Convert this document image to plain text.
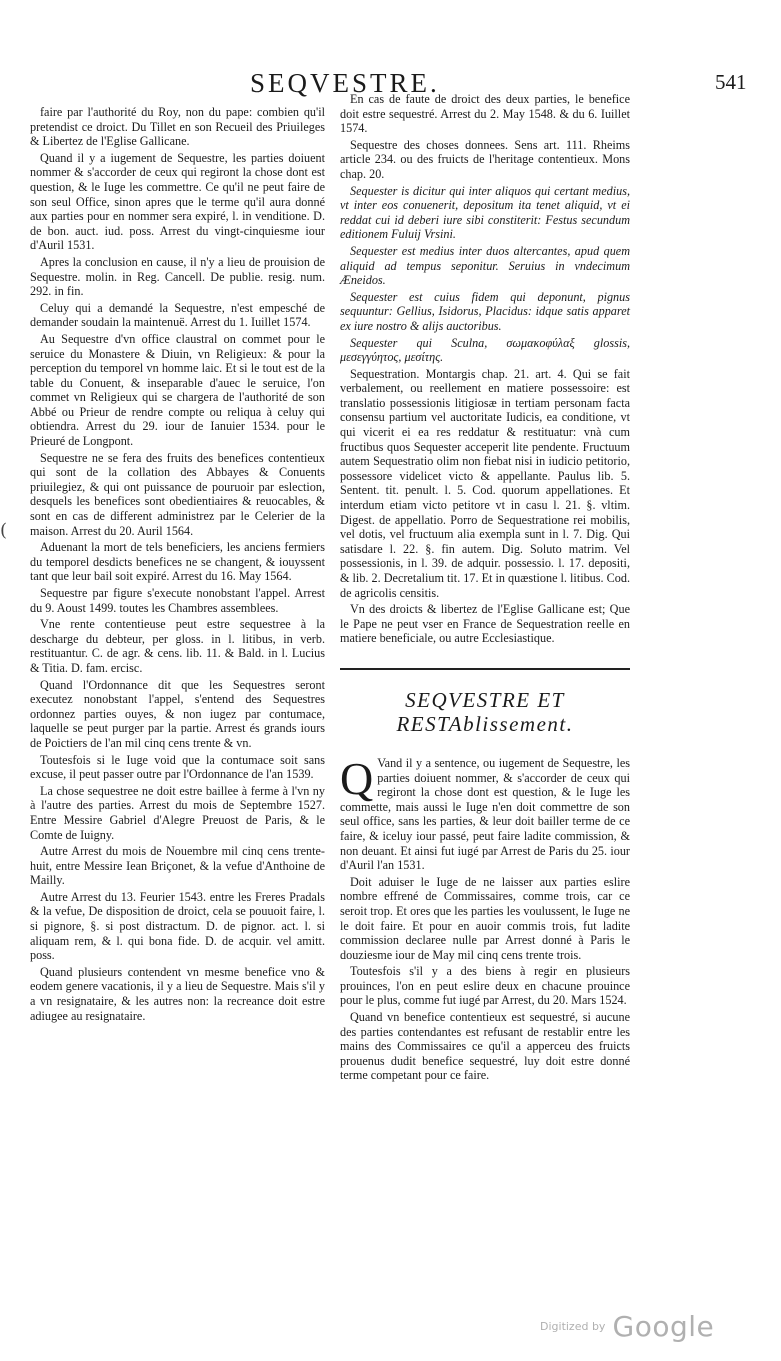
(
SEQVESTRE.	541

faire par l'authorité du Roy, non du pape: combien qu'il pretendist ce droict. Du Tillet en son Recueil des Priuileges & Libertez de l'Eglise Gallicane.

Quand il y a iugement de Sequestre, les parties doiuent nommer & s'accorder de ceux qui regiront la chose dont est question, & le Iuge les commettre. Ce qu'il ne peut faire de son seul Office, sinon apres que le terme qu'il aura donné aux parties pour en nommer sera expiré, l. in venditione. D. de bon. auct. iud. poss. Arrest du vingt-cinquiesme iour d'Auril 1531.

Apres la conclusion en cause, il n'y a lieu de prouision de Sequestre. molin. in Reg. Cancell. De publie. resig. num. 292. in fin.

Celuy qui a demandé la Sequestre, n'est empesché de demander soudain la maintenuë. Arrest du 1. Iuillet 1574.

Au Sequestre d'vn office claustral on commet pour le seruice du Monastere & Diuin, vn Religieux: & pour la perception du temporel vn homme laic. Et si le tout est de la table du Conuent, & inseparable d'auec le seruice, l'on commet vn Religieux qui se chargera de l'authorité de son Abbé ou Prieur de rendre compte ou reliqua à celuy qui obtiendra. Arrest du 29. iour de Ianuier 1534. pour le Prieuré de Longpont.

Sequestre ne se fera des fruits des benefices contentieux qui sont de la collation des Abbayes & Conuents priuilegiez, & qui ont puissance de pouruoir par eslection, desquels les benefices sont obedientiaires & reuocables, & sont en cas de different administrez par le Celerier de la maison. Arrest du 20. Auril 1564.

Aduenant la mort de tels beneficiers, les anciens fermiers du temporel desdicts benefices ne se changent, & iouyssent tant que leur bail soit expiré. Arrest du 16. May 1564.

Sequestre par figure s'execute nonobstant l'appel. Arrest du 9. Aoust 1499. toutes les Chambres assemblees.

Vne rente contentieuse peut estre sequestree à la descharge du debteur, per gloss. in l. litibus, in verb. restituantur. C. de agr. & cens. lib. 11. & Bald. in l. Lucius & Titia. D. fam. ercisc.

Quand l'Ordonnance dit que les Sequestres seront executez nonobstant l'appel, s'entend des Sequestres ordonnez parties ouyes, & non iugez par contumace, laquelle se peut purger par la partie. Arrest és grands iours de Poictiers de l'an mil cinq cens trente & vn.

Toutesfois si le Iuge void que la contumace soit sans excuse, il peut passer outre par l'Ordonnance de l'an 1539.

La chose sequestree ne doit estre baillee à ferme à l'vn ny à l'autre des parties. Arrest du mois de Septembre 1527. Entre Messire Gabriel d'Alegre Preuost de Paris, & le Comte de Iuigny.

Autre Arrest du mois de Nouembre mil cinq cens trente-huit, entre Messire Iean Briçonet, & la vefue d'Anthoine de Mailly.

Autre Arrest du 13. Feurier 1543. entre les Freres Pradals & la vefue, De disposition de droict, cela se pouuoit faire, l. si pignore, §. si post distractum. D. de pignor. act. l. si aliquam rem, & l. qui bona fide. D. de acquir. vel amitt. poss.

Quand plusieurs contendent vn mesme benefice vno & eodem genere vacationis, il y a lieu de Sequestre. Mais s'il y a vn resignataire, & les autres non: la recreance doit estre adiugee au resignataire.

En cas de faute de droict des deux parties, le benefice doit estre sequestré. Arrest du 2. May 1548. & du 6. Iuillet 1574.

Sequestre des choses donnees. Sens art. 111. Rheims article 234. ou des fruicts de l'heritage contentieux. Mons chap. 20.

Sequester is dicitur qui inter aliquos qui certant medius, vt inter eos conuenerit, depositum ita tenet aliquid, vt ei reddat cui id deberi iure sibi constiterit: Festus secundum editionem Fuluij Vrsini.

Sequester est medius inter duos altercantes, apud quem aliquid ad tempus seponitur. Seruius in vndecimum Æneidos.

Sequester est cuius fidem qui deponunt, pignus sequuntur: Gellius, Isidorus, Placidus: idque satis apparet ex iure nostro & alijs auctoribus.

Sequester qui Sculna, σωμακοφύλαξ glossis, μεσεγγύητος, μεσίτης.

Sequestration. Montargis chap. 21. art. 4. Qui se fait verbalement, ou reellement en matiere possessoire: est translatio possessionis litigiosæ in tertiam personam facta consensu partium vel auctoritate Iudicis, ea conditione, vt qui vicerit ei ea res reddatur & restituatur: vnà cum fructibus quos Sequester acceperit lite pendente. Fructuum autem Sequestratio olim non fiebat nisi in iudicio petitorio, possessore videlicet victo & appellante. Paulus lib. 5. Sentent. tit. penult. l. 5. Cod. quorum appellationes. Et interdum etiam victo petitore vt in casu l. 21. §. vltim. Digest. de appellatio. Porro de Sequestratione rei mobilis, vel dotis, vel fructuum alia exempla sunt in l. 7. Dig. Qui satisdare l. 22. §. fin autem. Dig. Soluto matrim. Vel possessionis, in l. 39. de adquir. possessio. l. 17. depositi, & lib. 2. Decretalium tit. 17. Et in quæstione l. litibus. Cod. de agricolis censitis.

Vn des droicts & libertez de l'Eglise Gallicane est; Que le Pape ne peut vser en France de Sequestration reelle en matiere beneficiale, ou autre Ecclesiastique.

SEQVESTRE ET RESTAblissement.

Q Vand il y a sentence, ou iugement de Sequestre, les parties doiuent nommer, & s'accorder de ceux qui regiront la chose dont est question, & le Iuge les commette, mais aussi le Iuge n'en doit commettre de son seul office, sans les parties, & leur doit bailler terme de ce faire, & iceluy iour passé, peut faire ladite commission, & non deuant. Et ainsi fut iugé par Arrest de Paris du 25. iour d'Auril l'an 1531.

Doit aduiser le Iuge de ne laisser aux parties eslire nombre effrené de Commissaires, comme trois, car ce seroit trop. Et ores que les parties les voulussent, le Iuge ne le doit faire. Et pour en auoir commis trois, fut ladite commission declaree nulle par Arrest donné à Paris le douziesme iour de May mil cinq cens trente trois.

Toutesfois s'il y a des biens à regir en plusieurs prouinces, l'on en peut eslire deux en chacune prouince pour le plus, comme fut iugé par Arrest, du 20. Mars 1524.

Quand vn benefice contentieux est sequestré, si aucune des parties contendantes est refusant de restablir entre les mains des Commissaires ce qu'il a apperceu des fruicts prouenus dudit benefice sequestré, luy doit estre donné terme competant pour ce faire.

Digitized by Google
